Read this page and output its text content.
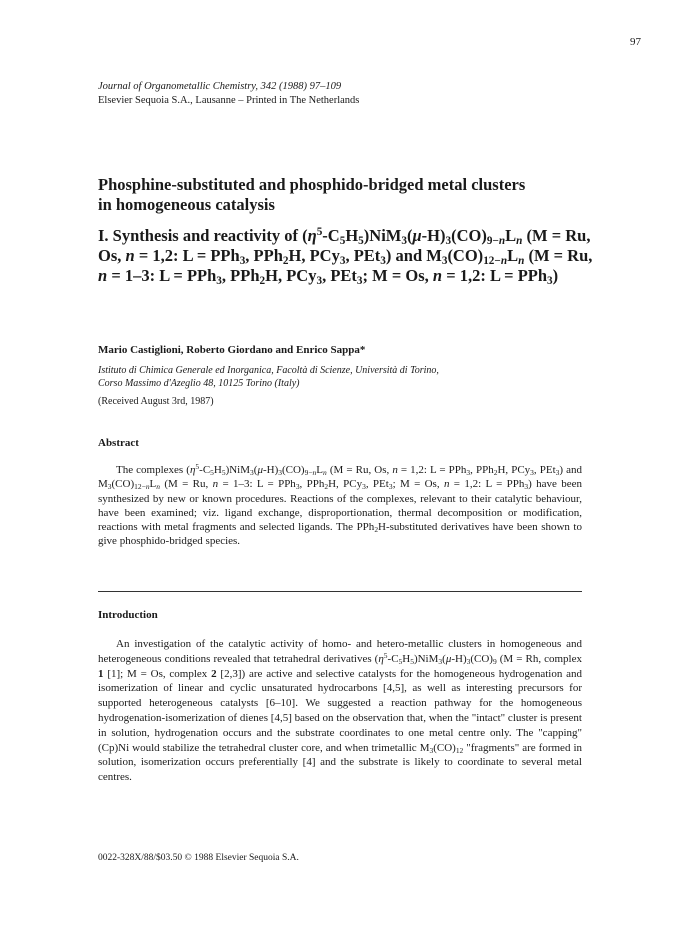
97
Journal of Organometallic Chemistry, 342 (1988) 97–109
Elsevier Sequoia S.A., Lausanne – Printed in The Netherlands
Phosphine-substituted and phosphido-bridged metal clusters
in homogeneous catalysis
I. Synthesis and reactivity of $(\eta^5-C_5H_5)NiM_3(\mu-H)_3(CO)_{9-n}L_n$ (M = Ru, Os, n = 1,2: L = PPh$_3$, PPh$_2$H, PCy$_3$, PEt$_3$) and $M_3(CO)_{12-n}L_n$ (M = Ru, n = 1–3: L = PPh$_3$, PPh$_2$H, PCy$_3$, PEt$_3$; M = Os, n = 1,2: L = PPh$_3$)
Mario Castiglioni, Roberto Giordano and Enrico Sappa*
Istituto di Chimica Generale ed Inorganica, Facoltà di Scienze, Università di Torino,
Corso Massimo d'Azeglio 48, 10125 Torino (Italy)
(Received August 3rd, 1987)
Abstract

The complexes $(\eta^5-C_5H_5)NiM_3(\mu-H)_3(CO)_{9-n}L_n$ (M = Ru, Os, n = 1,2: L = PPh$_3$, PPh$_2$H, PCy$_3$, PEt$_3$) and $M_3(CO)_{12-n}L_n$ (M = Ru, n = 1–3: L = PPh$_3$, PPh$_2$H, PCy$_3$, PEt$_3$; M = Os, n = 1,2: L = PPh$_3$) have been synthesized by new or known procedures. Reactions of the complexes, relevant to their catalytic behaviour, have been examined; viz. ligand exchange, disproportionation, thermal decomposition or modification, reactions with metal fragments and selected ligands. The PPh$_2$H-substituted derivatives have been shown to give phosphido-bridged species.

Introduction

An investigation of the catalytic activity of homo- and hetero-metallic clusters in homogeneous and heterogeneous conditions revealed that tetrahedral derivatives $(\eta^5-C_5H_5)NiM_3(\mu-H)_3(CO)_9$ (M = Rh, complex 1 [1]; M = Os, complex 2 [2,3]) are active and selective catalysts for the homogeneous hydrogenation and isomerization of linear and cyclic unsaturated hydrocarbons [4,5], as well as interesting precursors for supported heterogeneous catalysts [6–10]. We suggested a reaction pathway for the homogeneous hydrogenation-isomerization of dienes [4,5] based on the observation that, when the "intact" cluster is present in solution, hydrogenation occurs and the substrate coordinates to one metal centre only. The "capping" (Cp)Ni would stabilize the tetrahedral cluster core, and when trimetallic $M_3(CO)_{12}$ "fragments" are formed in solution, isomerization occurs preferentially [4] and the substrate is likely to coordinate to several metal centres.

0022-328X/88/$03.50 © 1988 Elsevier Sequoia S.A.
